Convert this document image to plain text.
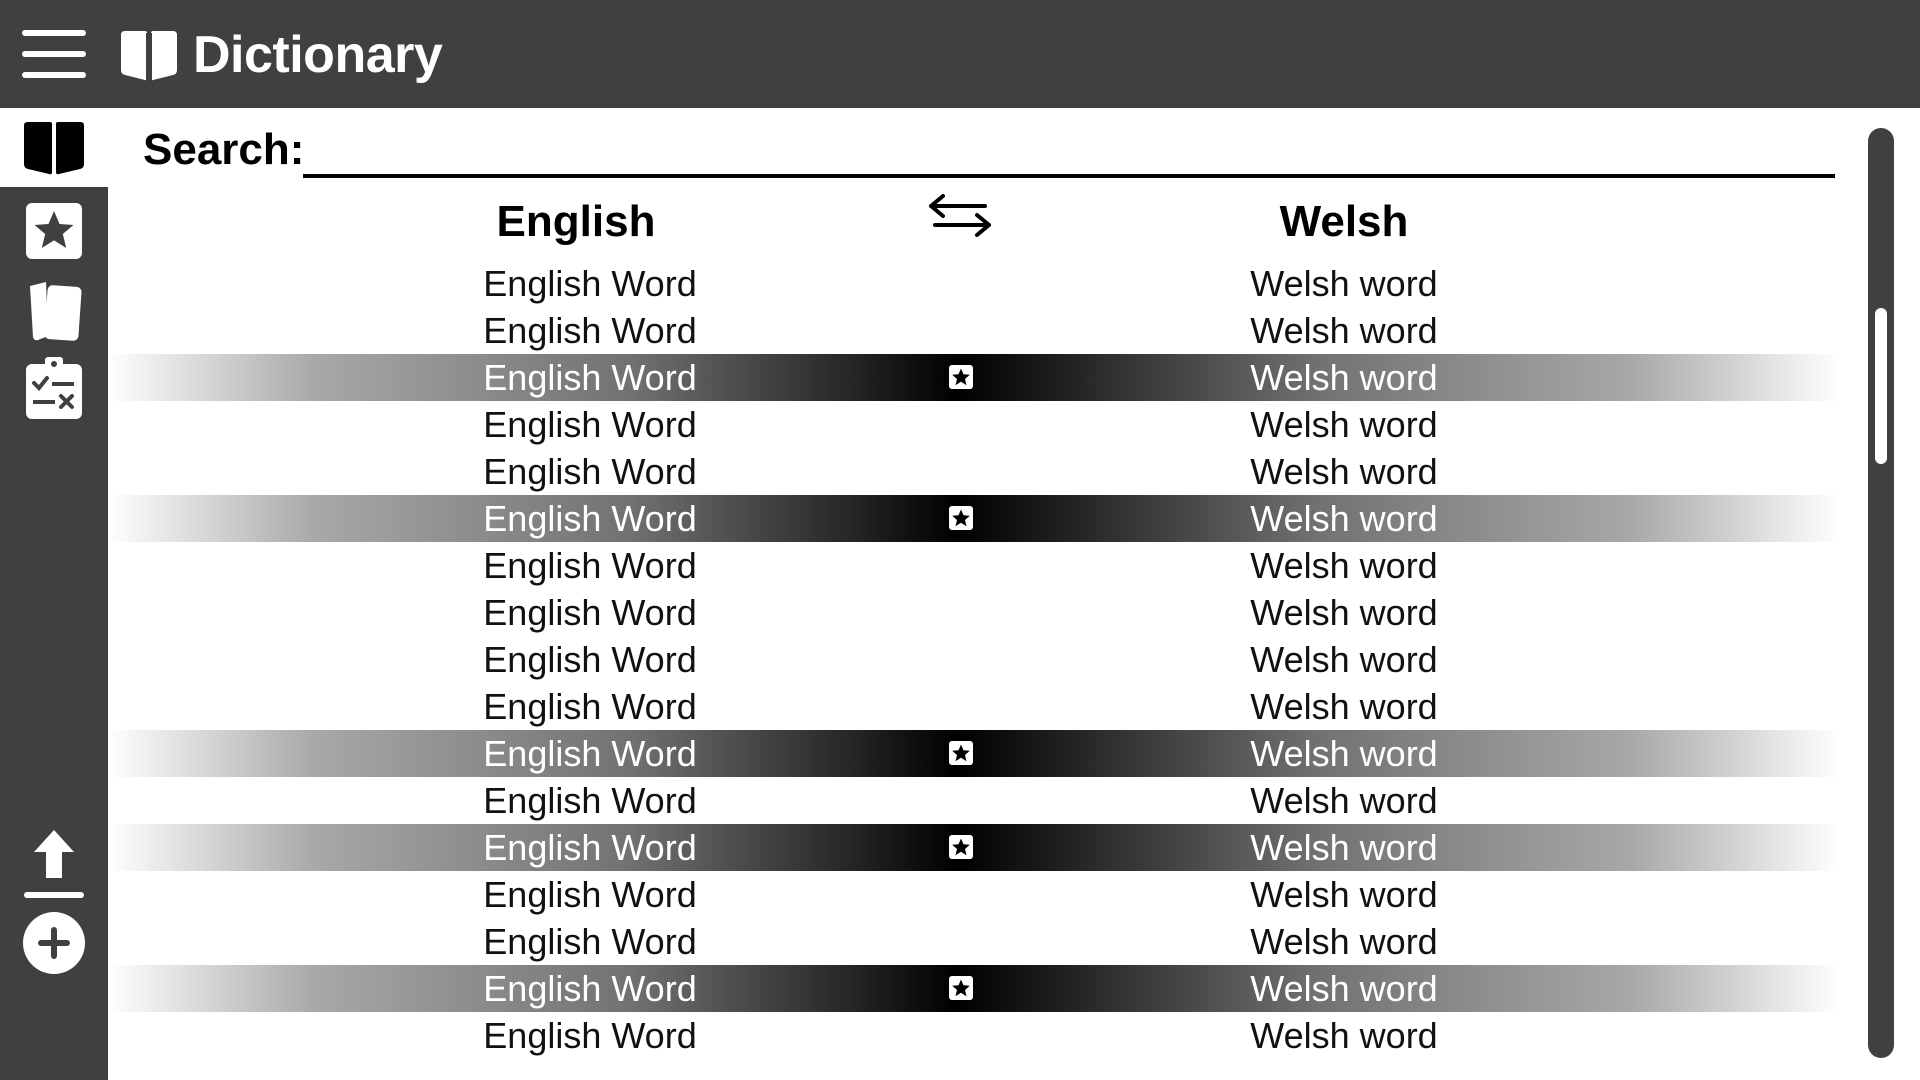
Dictionary
Search:
English	Welsh
English Word	Welsh word
English Word	Welsh word
English Word	Welsh word
English Word	Welsh word
English Word	Welsh word
English Word	Welsh word
English Word	Welsh word
English Word	Welsh word
English Word	Welsh word
English Word	Welsh word
English Word	Welsh word
English Word	Welsh word
English Word	Welsh word
English Word	Welsh word
English Word	Welsh word
English Word	Welsh word
English Word	Welsh word
